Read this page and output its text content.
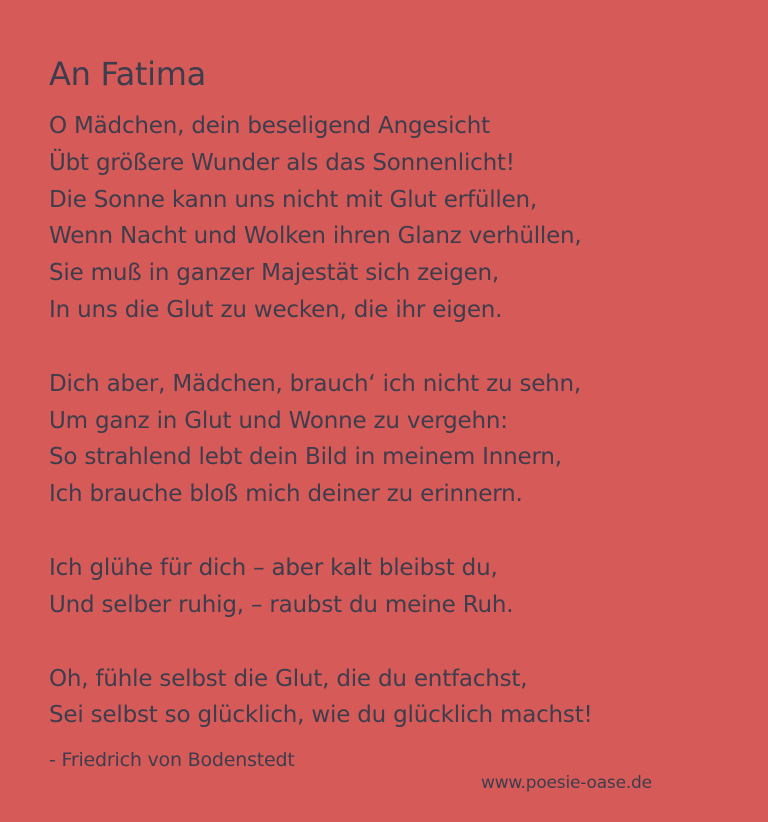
An Fatima
O Mädchen, dein beseligend Angesicht
Übt größere Wunder als das Sonnenlicht!
Die Sonne kann uns nicht mit Glut erfüllen,
Wenn Nacht und Wolken ihren Glanz verhüllen,
Sie muß in ganzer Majestät sich zeigen,
In uns die Glut zu wecken, die ihr eigen.
Dich aber, Mädchen, brauch‘ ich nicht zu sehn,
Um ganz in Glut und Wonne zu vergehn:
So strahlend lebt dein Bild in meinem Innern,
Ich brauche bloß mich deiner zu erinnern.
Ich glühe für dich – aber kalt bleibst du,
Und selber ruhig, – raubst du meine Ruh.
Oh, fühle selbst die Glut, die du entfachst,
Sei selbst so glücklich, wie du glücklich machst!
- Friedrich von Bodenstedt
www.poesie-oase.de
